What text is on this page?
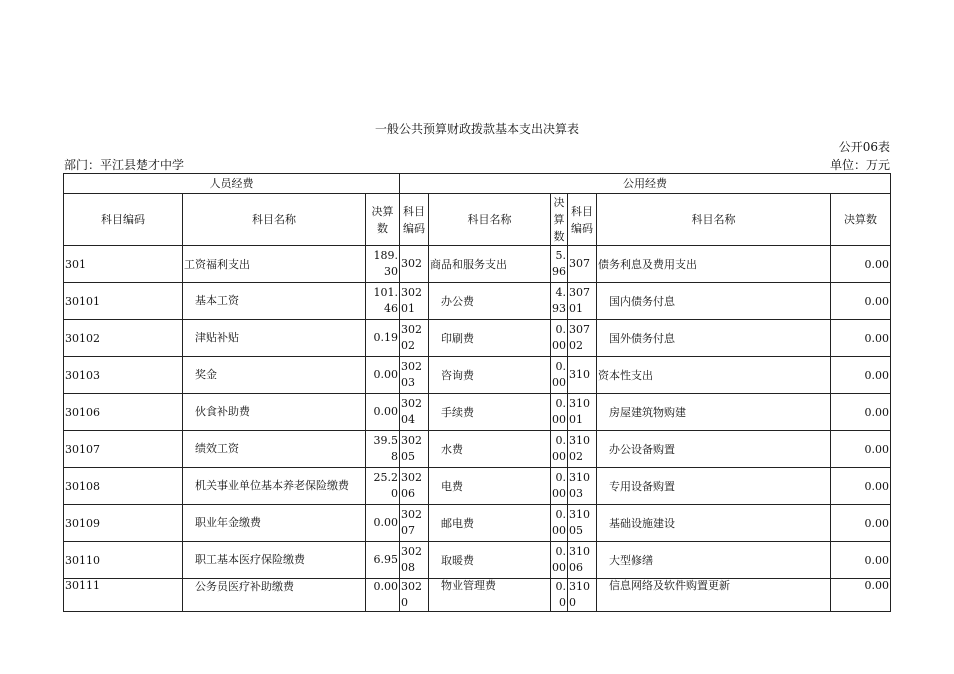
一般公共预算财政拨款基本支出决算表
公开06表
部门：平江县楚才中学	单位：万元
人员经费			公用经费					
科目编码	科目名称	决算数	科目编码	科目名称	决算数	科目编码	科目名称	决算数
301	工资福利支出	189.30	302	商品和服务支出	5.96	307	债务利息及费用支出	0.00
30101	基本工资	101.46	30201	办公费	4.93	30701	国内债务付息	0.00
30102	津贴补贴	0.19	30202	印刷费	0.00	30702	国外债务付息	0.00
30103	奖金	0.00	30203	咨询费	0.00	310	资本性支出	0.00
30106	伙食补助费	0.00	30204	手续费	0.00	31001	房屋建筑物购建	0.00
30107	绩效工资	39.58	30205	水费	0.00	31002	办公设备购置	0.00
30108	机关事业单位基本养老保险缴费	25.20	30206	电费	0.00	31003	专用设备购置	0.00
30109	职业年金缴费	0.00	30207	邮电费	0.00	31005	基础设施建设	0.00
30110	职工基本医疗保险缴费	6.95	30208	取暖费	0.00	31006	大型修缮	0.00
30111	公务员医疗补助缴费	0.00	3020	物业管理费	0.0	3100	信息网络及软件购置更新	0.00
